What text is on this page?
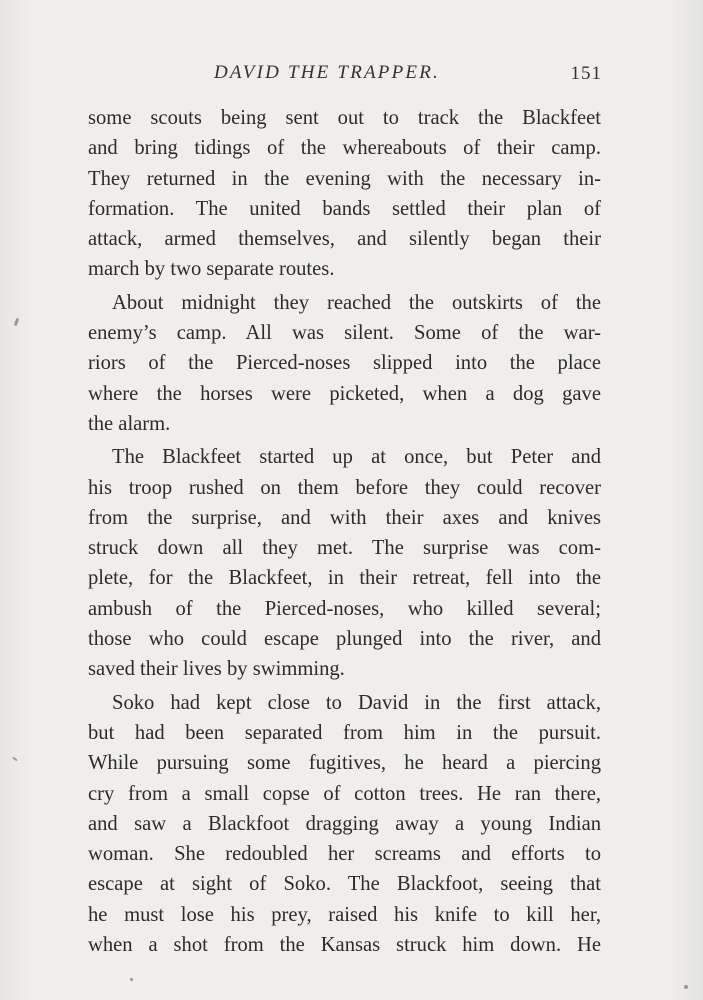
DAVID THE TRAPPER.	151
some scouts being sent out to track the Blackfeet
and bring tidings of the whereabouts of their camp.
They returned in the evening with the necessary in-
formation. The united bands settled their plan of
attack, armed themselves, and silently began their
march by two separate routes.
About midnight they reached the outskirts of the
enemy’s camp. All was silent. Some of the war-
riors of the Pierced-noses slipped into the place
where the horses were picketed, when a dog gave
the alarm.
The Blackfeet started up at once, but Peter and
his troop rushed on them before they could recover
from the surprise, and with their axes and knives
struck down all they met. The surprise was com-
plete, for the Blackfeet, in their retreat, fell into the
ambush of the Pierced-noses, who killed several;
those who could escape plunged into the river, and
saved their lives by swimming.
Soko had kept close to David in the first attack,
but had been separated from him in the pursuit.
While pursuing some fugitives, he heard a piercing
cry from a small copse of cotton trees. He ran there,
and saw a Blackfoot dragging away a young Indian
woman. She redoubled her screams and efforts to
escape at sight of Soko. The Blackfoot, seeing that
he must lose his prey, raised his knife to kill her,
when a shot from the Kansas struck him down. He
